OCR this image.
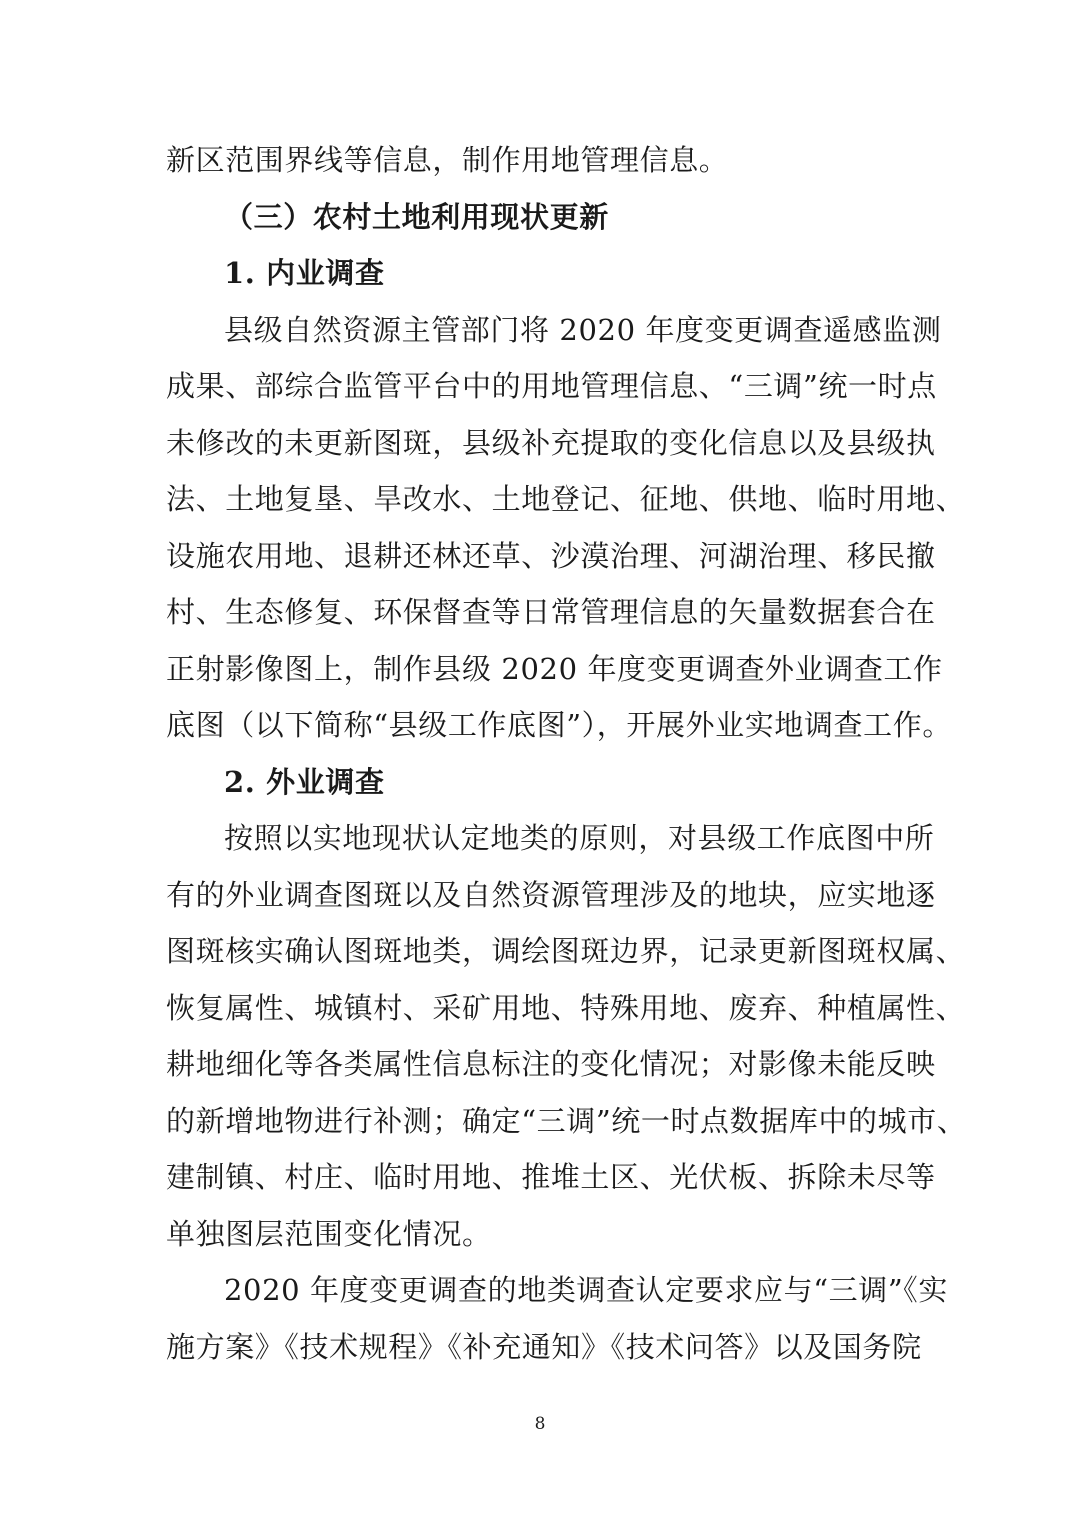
新区范围界线等信息，制作用地管理信息。
（三）农村土地利用现状更新
1. 内业调查
县级自然资源主管部门将 2020 年度变更调查遥感监测
成果、部综合监管平台中的用地管理信息、“三调”统一时点
未修改的未更新图斑，县级补充提取的变化信息以及县级执
法、土地复垦、旱改水、土地登记、征地、供地、临时用地、
设施农用地、退耕还林还草、沙漠治理、河湖治理、移民撤
村、生态修复、环保督查等日常管理信息的矢量数据套合在
正射影像图上，制作县级 2020 年度变更调查外业调查工作
底图（以下简称“县级工作底图”），开展外业实地调查工作。
2. 外业调查
按照以实地现状认定地类的原则，对县级工作底图中所
有的外业调查图斑以及自然资源管理涉及的地块，应实地逐
图斑核实确认图斑地类，调绘图斑边界，记录更新图斑权属、
恢复属性、城镇村、采矿用地、特殊用地、废弃、种植属性、
耕地细化等各类属性信息标注的变化情况；对影像未能反映
的新增地物进行补测；确定“三调”统一时点数据库中的城市、
建制镇、村庄、临时用地、推堆土区、光伏板、拆除未尽等
单独图层范围变化情况。
2020 年度变更调查的地类调查认定要求应与“三调”《实
施方案》《技术规程》《补充通知》《技术问答》以及国务院
8
